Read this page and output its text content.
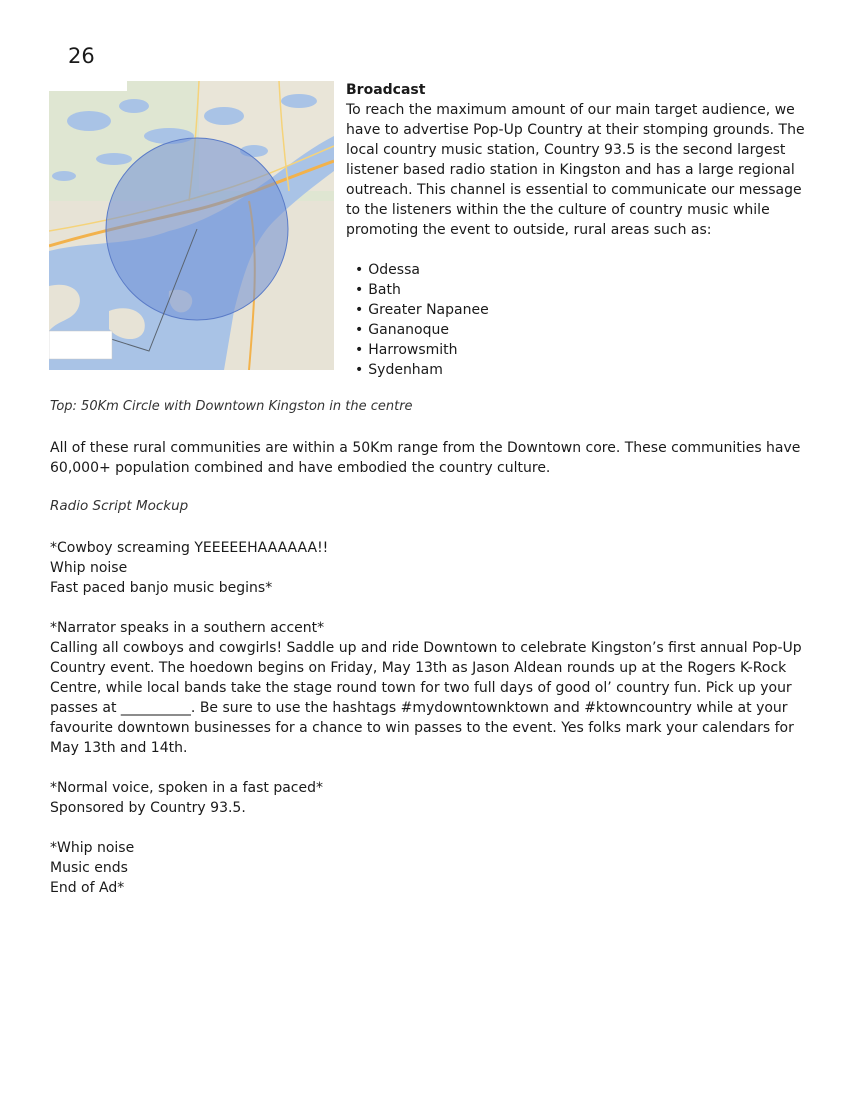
26
Broadcast

To reach the maximum amount of our main target audience, we have to advertise Pop-Up Country at their stomping grounds. The local country music station, Country 93.5 is the second largest listener based radio station in Kingston and has a large regional outreach. This channel is essential to communicate our message to the listeners within the the culture of country music while promoting the event to outside, rural areas such as:

• Odessa
• Bath
• Greater Napanee
• Gananoque
• Harrowsmith
• Sydenham
Top: 50Km Circle with Downtown Kingston in the centre
All of these rural communities are within a 50Km range from the Downtown core. These communities have 60,000+ population combined and have embodied the country culture.
Radio Script Mockup

*Cowboy screaming YEEEEEHAAAAAA!!

Whip noise

Fast paced banjo music begins*

*Narrator speaks in a southern accent*

Calling all cowboys and cowgirls! Saddle up and ride Downtown to celebrate Kingston’s first annual Pop-Up Country event. The hoedown begins on Friday, May 13th as Jason Aldean rounds up at the Rogers K-Rock Centre, while local bands take the stage round town for two full days of good ol’ country fun. Pick up your passes at __________. Be sure to use the hashtags #mydowntownktown and #ktowncountry while at your favourite downtown businesses for a chance to win passes to the event. Yes folks mark your calendars for May 13th and 14th.

*Normal voice, spoken in a fast paced*

Sponsored by Country 93.5.

*Whip noise

Music ends

End of Ad*
